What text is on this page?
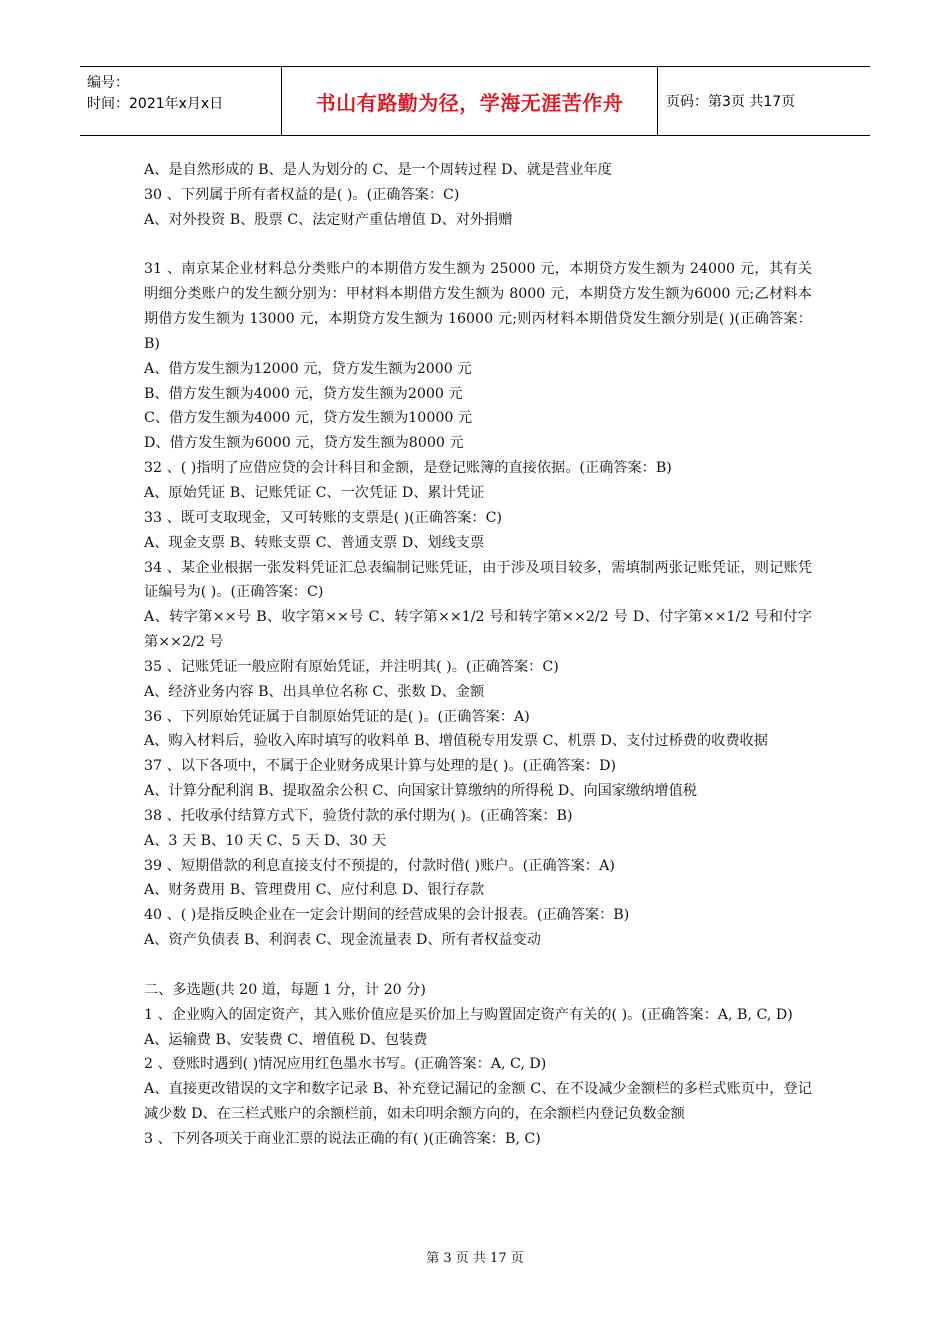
编号：
时间：2021年x月x日	书山有路勤为径，学海无涯苦作舟	页码：第3页 共17页
A、是自然形成的 B、是人为划分的 C、是一个周转过程 D、就是营业年度
30 、下列属于所有者权益的是( )。(正确答案：C)
A、对外投资 B、股票 C、法定财产重估增值 D、对外捐赠
31 、南京某企业材料总分类账户的本期借方发生额为 25000 元，本期贷方发生额为 24000 元，其有关明细分类账户的发生额分别为：甲材料本期借方发生额为 8000 元，本期贷方发生额为6000 元;乙材料本期借方发生额为 13000 元，本期贷方发生额为 16000 元;则丙材料本期借贷发生额分别是( )(正确答案：B)
A、借方发生额为12000 元，贷方发生额为2000 元
B、借方发生额为4000 元，贷方发生额为2000 元
C、借方发生额为4000 元，贷方发生额为10000 元
D、借方发生额为6000 元，贷方发生额为8000 元
32 、( )指明了应借应贷的会计科目和金额，是登记账簿的直接依据。(正确答案：B)
A、原始凭证 B、记账凭证 C、一次凭证 D、累计凭证
33 、既可支取现金，又可转账的支票是( )(正确答案：C)
A、现金支票 B、转账支票 C、普通支票 D、划线支票
34 、某企业根据一张发料凭证汇总表编制记账凭证，由于涉及项目较多，需填制两张记账凭证，则记账凭证编号为( )。(正确答案：C)
A、转字第××号 B、收字第××号 C、转字第××1/2 号和转字第××2/2 号 D、付字第××1/2 号和付字第××2/2 号
35 、记账凭证一般应附有原始凭证，并注明其( )。(正确答案：C)
A、经济业务内容 B、出具单位名称 C、张数 D、金额
36 、下列原始凭证属于自制原始凭证的是( )。(正确答案：A)
A、购入材料后，验收入库时填写的收料单 B、增值税专用发票 C、机票 D、支付过桥费的收费收据
37 、以下各项中，不属于企业财务成果计算与处理的是( )。(正确答案：D)
A、计算分配利润 B、提取盈余公积 C、向国家计算缴纳的所得税 D、向国家缴纳增值税
38 、托收承付结算方式下，验货付款的承付期为( )。(正确答案：B)
A、3 天 B、10 天 C、5 天 D、30 天
39 、短期借款的利息直接支付不预提的，付款时借( )账户。(正确答案：A)
A、财务费用 B、管理费用 C、应付利息 D、银行存款
40 、( )是指反映企业在一定会计期间的经营成果的会计报表。(正确答案：B)
A、资产负债表 B、利润表 C、现金流量表 D、所有者权益变动
二、多选题(共 20 道，每题 1 分，计 20 分)
1 、企业购入的固定资产，其入账价值应是买价加上与购置固定资产有关的( )。(正确答案：A, B, C, D)
A、运输费 B、安装费 C、增值税 D、包装费
2 、登账时遇到( )情况应用红色墨水书写。(正确答案：A, C, D)
A、直接更改错误的文字和数字记录 B、补充登记漏记的金额 C、在不设减少金额栏的多栏式账页中，登记减少数 D、在三栏式账户的余额栏前，如未印明余额方向的，在余额栏内登记负数金额
3 、下列各项关于商业汇票的说法正确的有( )(正确答案：B, C)
第 3 页 共 17 页
